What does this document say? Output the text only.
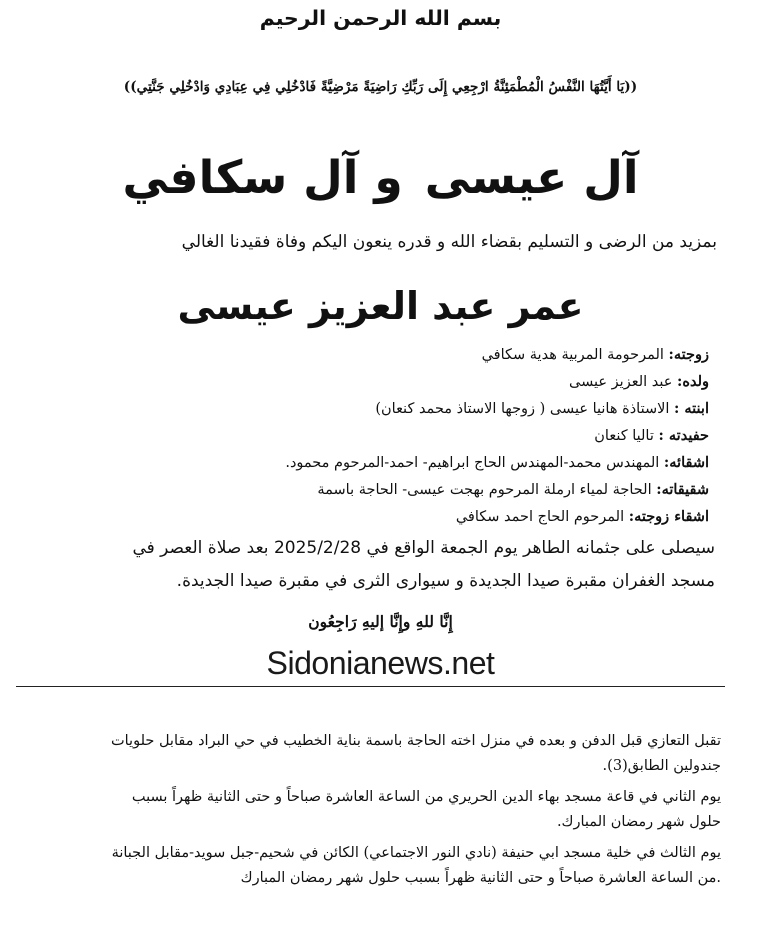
بسم الله الرحمن الرحيم
((يَا أَيَّتُهَا النَّفْسُ الْمُطْمَئِنَّةُ ارْجِعِي إِلَى رَبِّكِ رَاضِيَةً مَرْضِيَّةً فَادْخُلِي فِي عِبَادِي وَادْخُلِي جَنَّتِي))
آل عيسىو آل سكافي
بمزيد من الرضى و التسليم بقضاء الله و قدره ينعون اليكم وفاة فقيدنا الغالي
عمر عبد العزيز عيسى
زوجته: المرحومة المربية هدية سكافي
ولده: عبد العزيز عيسى
ابنته : الاستاذة هانيا عيسى ( زوجها الاستاذ محمد كنعان)
حفيدته : تاليا كنعان
اشقائه: المهندس محمد-المهندس الحاج ابراهيم- احمد-المرحوم محمود.
شقيقاته: الحاجة لمياء ارملة المرحوم بهجت عيسى- الحاجة باسمة
اشقاء زوجته: المرحوم الحاج احمد سكافي
سيصلى على جثمانه الطاهر يوم الجمعة الواقع في 2025/2/28 بعد صلاة العصر في
مسجد الغفران مقبرة صيدا الجديدة و سيوارى الثرى في مقبرة صيدا الجديدة.
إِنَّا للهِ وإِنَّا إليهِ رَاجِعُون
Sidonianews.net
تقبل التعازي قبل الدفن و بعده في منزل اخته الحاجة باسمة بناية الخطيب في حي البراد مقابل حلويات
جندولين الطابق(3).
يوم الثاني في قاعة مسجد بهاء الدين الحريري من الساعة العاشرة صباحاً و حتى الثانية ظهراً بسبب
حلول شهر رمضان المبارك.
يوم الثالث في خلية مسجد ابي حنيفة (نادي النور الاجتماعي) الكائن في شحيم-جبل سويد-مقابل الجبانة
.من الساعة العاشرة صباحاً و حتى الثانية ظهراً بسبب حلول شهر رمضان المبارك
